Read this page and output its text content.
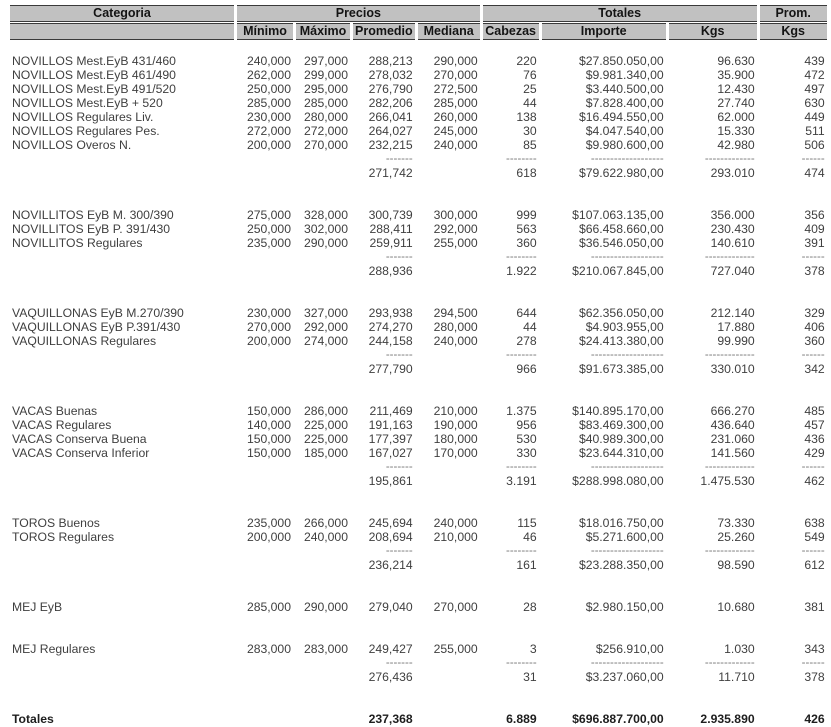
Categoria	Precios				Totales			Prom.
	Mínimo	Máximo	Promedio	Mediana	Cabezas	Importe	Kgs	Kgs

NOVILLOS Mest.EyB 431/460	240,000	297,000	288,213	290,000	220	$27.850.050,00	96.630	439
NOVILLOS Mest.EyB 461/490	262,000	299,000	278,032	270,000	76	$9.981.340,00	35.900	472
NOVILLOS Mest.EyB 491/520	250,000	295,000	276,790	272,500	25	$3.440.500,00	12.430	497
NOVILLOS Mest.EyB + 520	285,000	285,000	282,206	285,000	44	$7.828.400,00	27.740	630
NOVILLOS Regulares Liv.	230,000	280,000	266,041	260,000	138	$16.494.550,00	62.000	449
NOVILLOS Regulares Pes.	272,000	272,000	264,027	245,000	30	$4.047.540,00	15.330	511
NOVILLOS Overos N.	200,000	270,000	232,215	240,000	85	$9.980.600,00	42.980	506
			-------		--------	-------------------	-------------	------
			271,742		618	$79.622.980,00	293.010	474

NOVILLITOS EyB M. 300/390	275,000	328,000	300,739	300,000	999	$107.063.135,00	356.000	356
NOVILLITOS EyB P. 391/430	250,000	302,000	288,411	292,000	563	$66.458.660,00	230.430	409
NOVILLITOS Regulares	235,000	290,000	259,911	255,000	360	$36.546.050,00	140.610	391
			-------		--------	-------------------	-------------	------
			288,936		1.922	$210.067.845,00	727.040	378

VAQUILLONAS EyB M.270/390	230,000	327,000	293,938	294,500	644	$62.356.050,00	212.140	329
VAQUILLONAS EyB P.391/430	270,000	292,000	274,270	280,000	44	$4.903.955,00	17.880	406
VAQUILLONAS Regulares	200,000	274,000	244,158	240,000	278	$24.413.380,00	99.990	360
			-------		--------	-------------------	-------------	------
			277,790		966	$91.673.385,00	330.010	342

VACAS Buenas	150,000	286,000	211,469	210,000	1.375	$140.895.170,00	666.270	485
VACAS Regulares	140,000	225,000	191,163	190,000	956	$83.469.300,00	436.640	457
VACAS Conserva Buena	150,000	225,000	177,397	180,000	530	$40.989.300,00	231.060	436
VACAS Conserva Inferior	150,000	185,000	167,027	170,000	330	$23.644.310,00	141.560	429
			-------		--------	-------------------	-------------	------
			195,861		3.191	$288.998.080,00	1.475.530	462

TOROS Buenos	235,000	266,000	245,694	240,000	115	$18.016.750,00	73.330	638
TOROS Regulares	200,000	240,000	208,694	210,000	46	$5.271.600,00	25.260	549
			-------		--------	-------------------	-------------	------
			236,214		161	$23.288.350,00	98.590	612

MEJ EyB	285,000	290,000	279,040	270,000	28	$2.980.150,00	10.680	381

MEJ Regulares	283,000	283,000	249,427	255,000	3	$256.910,00	1.030	343
			-------		--------	-------------------	-------------	------
			276,436		31	$3.237.060,00	11.710	378

Totales			237,368		6.889	$696.887.700,00	2.935.890	426
